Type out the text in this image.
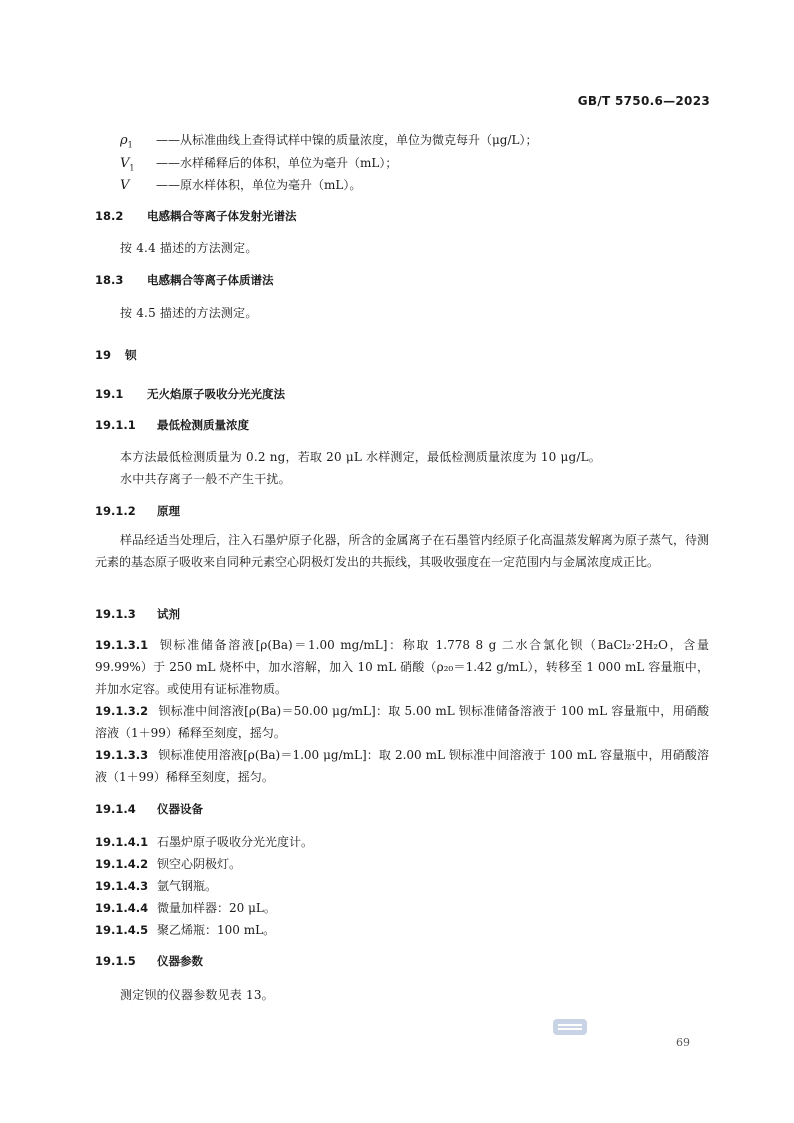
GB/T 5750.6—2023
$\rho_1$ ——从标准曲线上查得试样中镍的质量浓度，单位为微克每升（μg/L）；
$V_1$ ——水样稀释后的体积，单位为毫升（mL）；
V ——原水样体积，单位为毫升（mL）。
18.2 电感耦合等离子体发射光谱法
按 4.4 描述的方法测定。
18.3 电感耦合等离子体质谱法
按 4.5 描述的方法测定。
19 钡
19.1 无火焰原子吸收分光光度法
19.1.1 最低检测质量浓度
本方法最低检测质量为 0.2 ng，若取 20 μL 水样测定，最低检测质量浓度为 10 μg/L。
水中共存离子一般不产生干扰。
19.1.2 原理
样品经适当处理后，注入石墨炉原子化器，所含的金属离子在石墨管内经原子化高温蒸发解离为原子蒸气，待测元素的基态原子吸收来自同种元素空心阴极灯发出的共振线，其吸收强度在一定范围内与金属浓度成正比。
19.1.3 试剂
19.1.3.1 钡标准储备溶液[ρ(Ba)＝1.00 mg/mL]：称取 1.778 8 g 二水合氯化钡（BaCl₂·2H₂O，含量 99.99%）于 250 mL 烧杯中，加水溶解，加入 10 mL 硝酸（ρ₂₀＝1.42 g/mL），转移至 1 000 mL 容量瓶中，并加水定容。或使用有证标准物质。
19.1.3.2 钡标准中间溶液[ρ(Ba)＝50.00 μg/mL]：取 5.00 mL 钡标准储备溶液于 100 mL 容量瓶中，用硝酸溶液（1＋99）稀释至刻度，摇匀。
19.1.3.3 钡标准使用溶液[ρ(Ba)＝1.00 μg/mL]：取 2.00 mL 钡标准中间溶液于 100 mL 容量瓶中，用硝酸溶液（1＋99）稀释至刻度，摇匀。
19.1.4 仪器设备
19.1.4.1 石墨炉原子吸收分光光度计。
19.1.4.2 钡空心阴极灯。
19.1.4.3 氩气钢瓶。
19.1.4.4 微量加样器：20 μL。
19.1.4.5 聚乙烯瓶：100 mL。
19.1.5 仪器参数
测定钡的仪器参数见表 13。
69
